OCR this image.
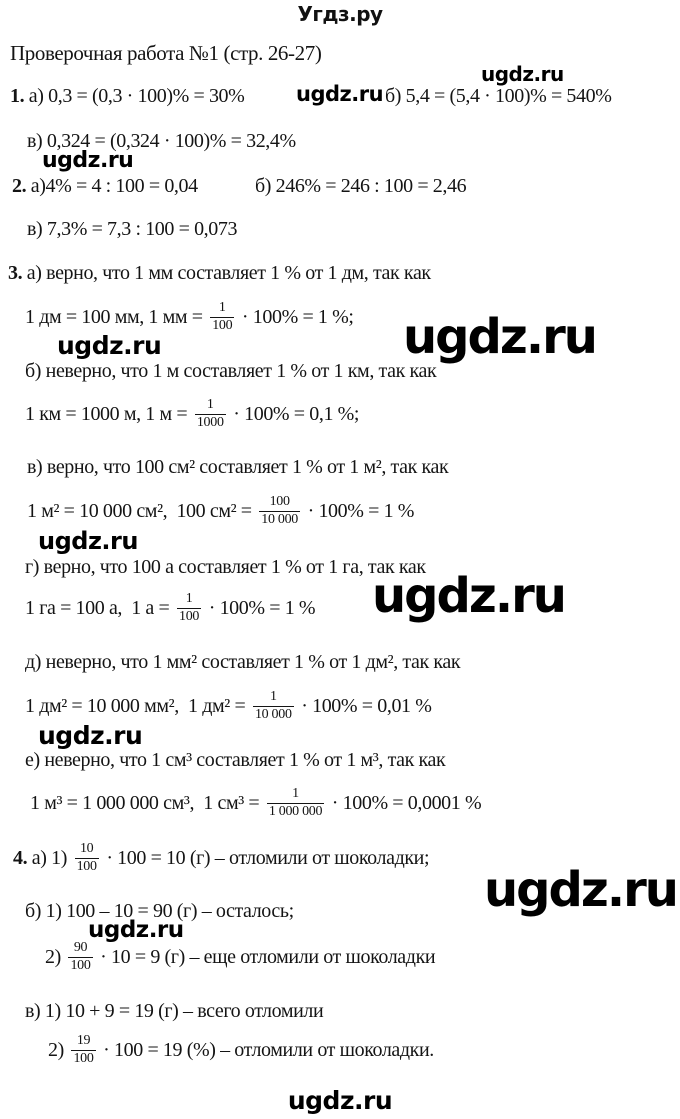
Угдз.ру
Проверочная работа №1 (стр. 26-27)
ugdz.ru
ugdz.ru
ugdz.ru
ugdz.ru	ugdz.ru
ugdz.ru
ugdz.ru
ugdz.ru
ugdz.ru
ugdz.ru
ugdz.ru
1. а) 0,3 = (0,3 · 100)% = 30%	б) 5,4 = (5,4 · 100)% = 540%
в) 0,324 = (0,324 · 100)% = 32,4%
2. а)4% = 4 : 100 = 0,04	б) 246% = 246 : 100 = 2,46
в) 7,3% = 7,3 : 100 = 0,073
3. а) верно, что 1 мм составляет 1 % от 1 дм, так как
1 дм = 100 мм, 1 мм = $\frac{1}{100} \cdot 100\% = 1$ %;
б) неверно, что 1 м составляет 1 % от 1 км, так как
1 км = 1000 м, 1 $м = \frac{1}{1000} \cdot 100\% = 0,1$ %;
в) верно, что 100 см² составляет 1 % от 1 м², так как
1 м² = 10 000 см²,  100 $см^2 = \frac{100}{10 000} \cdot 100\% = 1$ %
г) верно, что 100 а составляет 1 % от 1 га, так как
1 га = 100 а,  1 $а = \frac{1}{100} \cdot 100\% = 1$ %
д) неверно, что 1 мм² составляет 1 % от 1 дм², так как
1 дм² = 10 000 мм²,  1 $дм^2 = \frac{1}{10 000} \cdot 100\% = 0,01$ %
е) неверно, что 1 см³ составляет 1 % от 1 м³, так как
1 м³ = 1 000 000 см³,  1 $см^3 = \frac{1}{1 000 000} \cdot 100\% = 0,0001$ %
4. а) $1) \frac{10}{100} \cdot 100 = 10$ (г) – отломили от шоколадки;
б) 1) 100 – 10 = 90 (г) – осталось;
$2) \frac{90}{100} \cdot 10 = 9$ (г) – еще отломили от шоколадки
в) 1) 10 + 9 = 19 (г) – всего отломили
$2) \frac{19}{100} \cdot 100 = 19$ (%) – отломили от шоколадки.
